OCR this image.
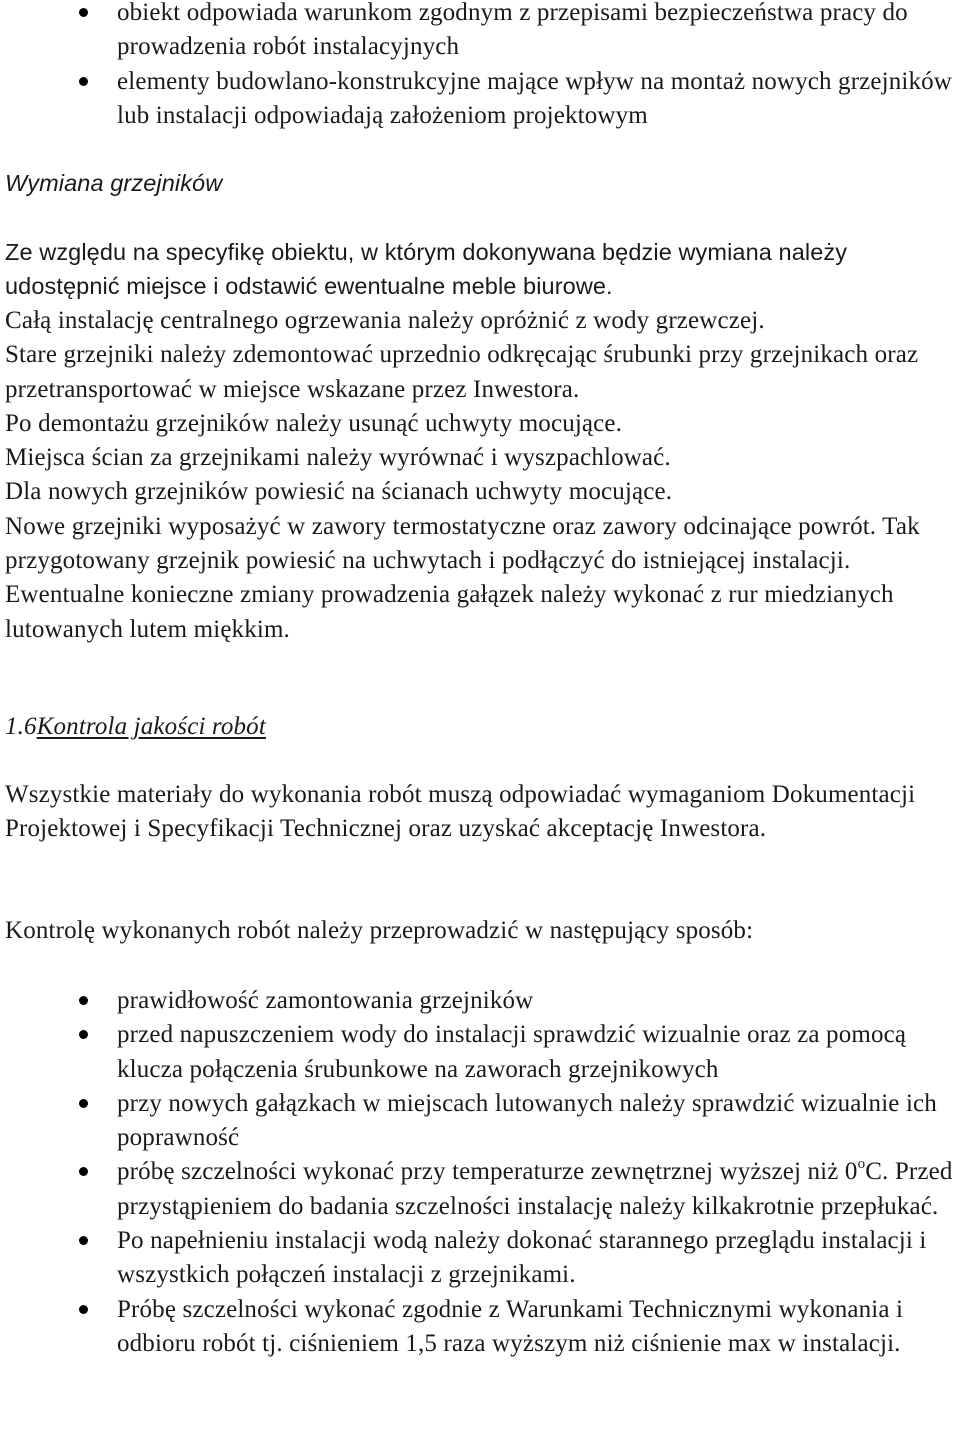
obiekt odpowiada warunkom zgodnym z przepisami bezpieczeństwa pracy do prowadzenia robót instalacyjnych
elementy budowlano-konstrukcyjne mające wpływ na montaż nowych grzejników lub instalacji odpowiadają założeniom projektowym
Wymiana grzejników

Ze względu na specyfikę obiektu, w którym dokonywana będzie wymiana należy udostępnić miejsce i odstawić ewentualne meble biurowe.

Całą instalację centralnego ogrzewania należy opróżnić z wody grzewczej.

Stare grzejniki należy zdemontować uprzednio odkręcając śrubunki przy grzejnikach oraz przetransportować w miejsce wskazane przez Inwestora.

Po demontażu grzejników należy usunąć uchwyty mocujące.

Miejsca ścian za grzejnikami należy wyrównać i wyszpachlować.

Dla nowych grzejników powiesić na ścianach uchwyty mocujące.

Nowe grzejniki wyposażyć w zawory termostatyczne oraz zawory odcinające powrót. Tak przygotowany grzejnik powiesić na uchwytach i podłączyć do istniejącej instalacji.

Ewentualne konieczne zmiany prowadzenia gałązek należy wykonać z rur miedzianych lutowanych lutem miękkim.

1.6Kontrola jakości robót
Wszystkie materiały do wykonania robót muszą odpowiadać wymaganiom Dokumentacji Projektowej i Specyfikacji Technicznej oraz uzyskać akceptację Inwestora.
Kontrolę wykonanych robót należy przeprowadzić w następujący sposób:
prawidłowość zamontowania grzejników
przed napuszczeniem wody do instalacji sprawdzić wizualnie oraz za pomocą klucza połączenia śrubunkowe na zaworach grzejnikowych
przy nowych gałązkach w miejscach lutowanych należy sprawdzić wizualnie ich poprawność
próbę szczelności wykonać przy temperaturze zewnętrznej wyższej niż 0$^o$C. Przed przystąpieniem do badania szczelności instalację należy kilkakrotnie przepłukać.
Po napełnieniu instalacji wodą należy dokonać starannego przeglądu instalacji i wszystkich połączeń instalacji z grzejnikami.
Próbę szczelności wykonać zgodnie z Warunkami Technicznymi wykonania i odbioru robót tj. ciśnieniem 1,5 raza wyższym niż ciśnienie max w instalacji.
